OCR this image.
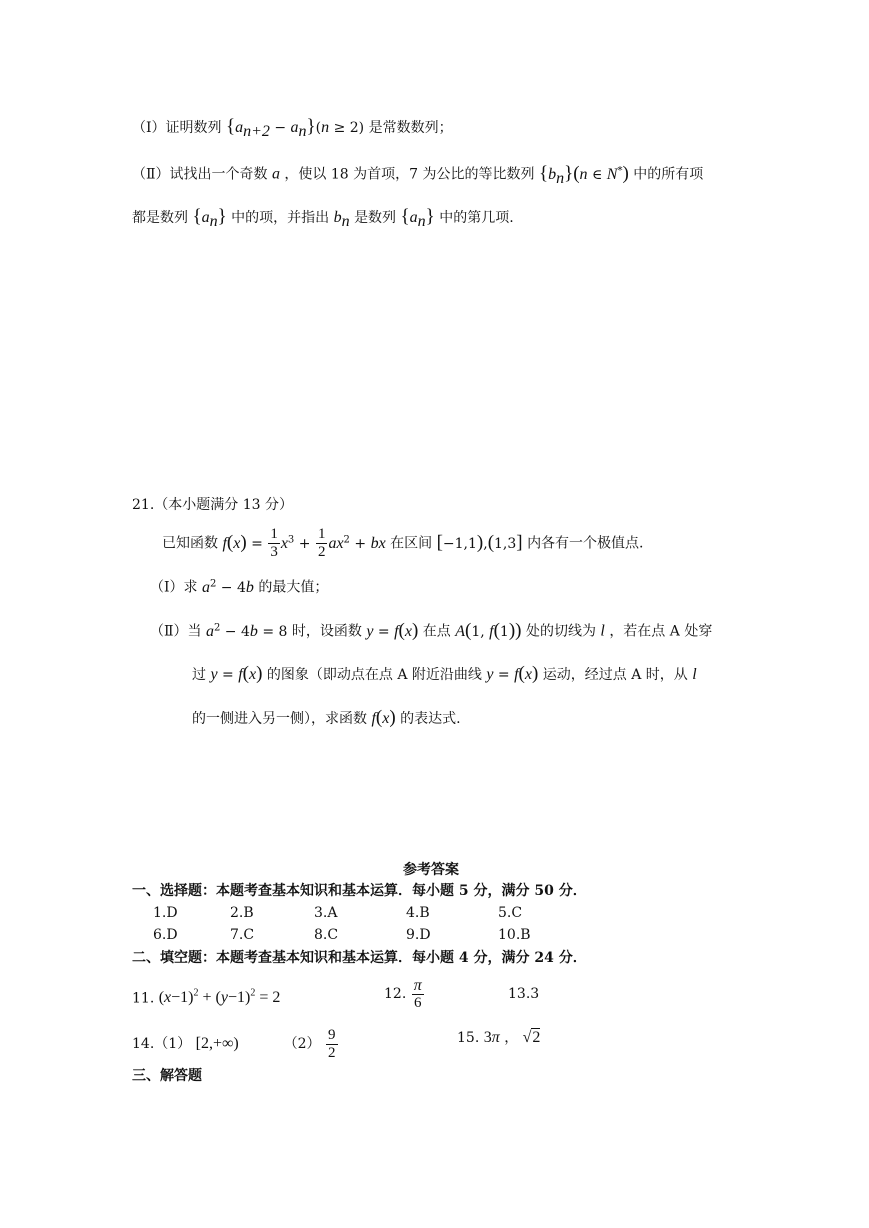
（Ⅰ）证明数列 $\{a_{n+2} - a_n\}(n \ge 2)$ 是常数数列；
（Ⅱ）试找出一个奇数 a ，使以 18 为首项，7 为公比的等比数列 $\{b_n\}(n$ ∈ N*) 中的所有项
都是数列 $\{a_n\}$ 中的项，并指出 $b_n$ 是数列 $\{a_n\}$ 中的第几项.
21.（本小题满分 13 分）
已知函数 $f(x) = \frac{1}{3} x^3 + \frac{1}{2} ax^2$ + bx 在区间 [−1,1),(1,3] 内各有一个极值点.
（Ⅰ）求 $a^2 - 4b$ 的最大值；
（Ⅱ）当 $a^2 - 4b = 8$ 时，设函数 y = f(x) 在点 A(1, f(1)) 处的切线为 l ，若在点 A 处穿
过 y = f(x) 的图象（即动点在点 A 附近沿曲线 y = f(x) 运动，经过点 A 时，从 l
的一侧进入另一侧），求函数 f(x) 的表达式.
参考答案
一、选择题：本题考查基本知识和基本运算．每小题 5 分，满分 50 分．
1.D	2.B	3.A	4.B	5.C
6.D	7.C	8.C	9.D	10.B
二、填空题：本题考查基本知识和基本运算．每小题 4 分，满分 24 分．
11. $(x-1)^2 + (y-1)^2 = 2$	12. $\frac{\pi}{6}$	13.3
14.（1） [2,+∞)	$(2) \frac{9}{2}$	15. 3π ， √2
三、解答题
